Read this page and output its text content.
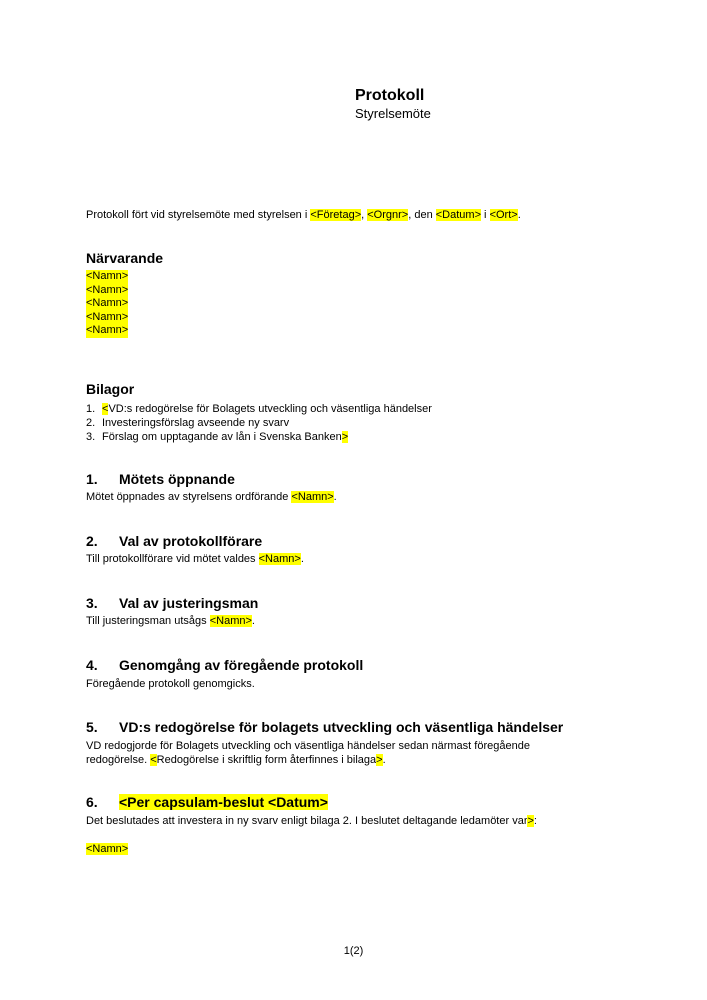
Protokoll
Styrelsemöte
Protokoll fört vid styrelsemöte med styrelsen i <Företag>, <Orgnr>, den <Datum> i <Ort>.
Närvarande
<Namn>
<Namn>
<Namn>
<Namn>
<Namn>
Bilagor
1. <VD:s redogörelse för Bolagets utveckling och väsentliga händelser
2. Investeringsförslag avseende ny svarv
3. Förslag om upptagande av lån i Svenska Banken>
1. Mötets öppnande
Mötet öppnades av styrelsens ordförande <Namn>.
2. Val av protokollförare
Till protokollförare vid mötet valdes <Namn>.
3. Val av justeringsman
Till justeringsman utsågs <Namn>.
4. Genomgång av föregående protokoll
Föregående protokoll genomgicks.
5. VD:s redogörelse för bolagets utveckling och väsentliga händelser
VD redogjorde för Bolagets utveckling och väsentliga händelser sedan närmast föregående
redogörelse. <Redogörelse i skriftlig form återfinnes i bilaga>.
6. <Per capsulam-beslut <Datum>
Det beslutades att investera in ny svarv enligt bilaga 2. I beslutet deltagande ledamöter var>:
<Namn>
1(2)
